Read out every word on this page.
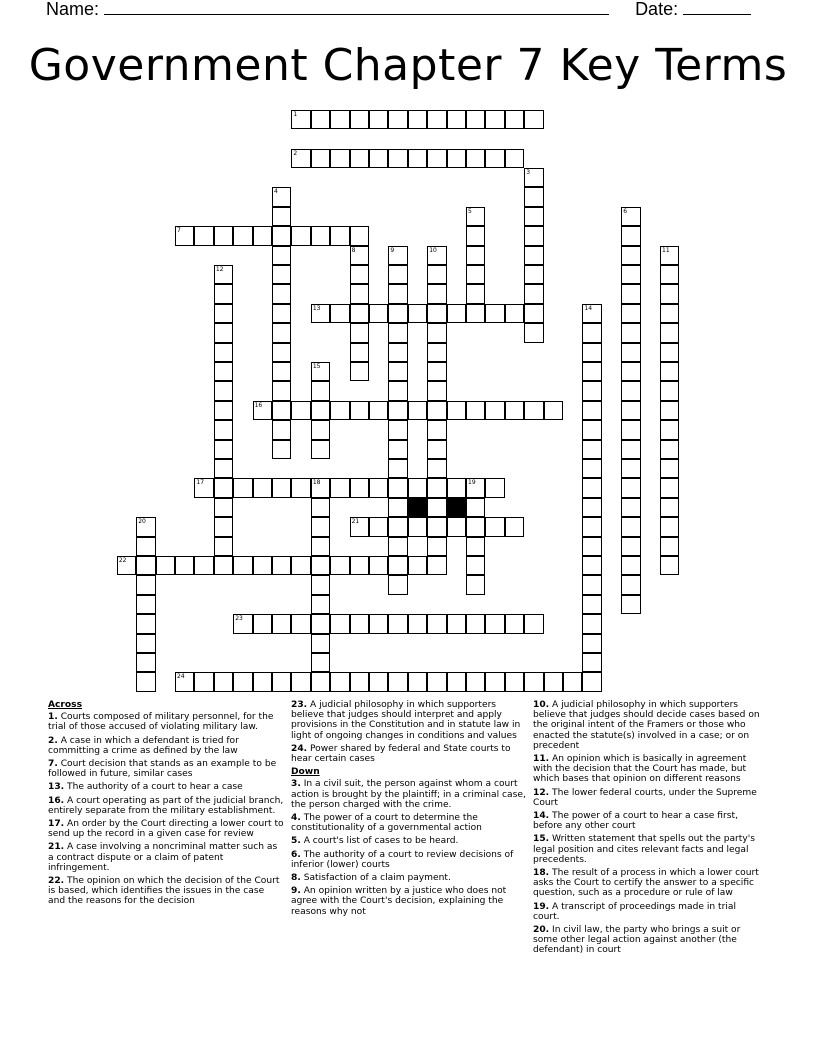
Name:	Date:
Government Chapter 7 Key Terms
1
2
7
13
16
17	18	19
21
22
23
24
3
4
5	6
8	9	10	11
12
14
15
20
Across
1. Courts composed of military personnel, for the trial of those accused of violating military law.
2. A case in which a defendant is tried for committing a crime as defined by the law
7. Court decision that stands as an example to be followed in future, similar cases
13. The authority of a court to hear a case
16. A court operating as part of the judicial branch, entirely separate from the military establishment.
17. An order by the Court directing a lower court to send up the record in a given case for review
21. A case involving a noncriminal matter such as a contract dispute or a claim of patent infringement.
22. The opinion on which the decision of the Court is based, which identifies the issues in the case and the reasons for the decision
23. A judicial philosophy in which supporters believe that judges should interpret and apply provisions in the Constitution and in statute law in light of ongoing changes in conditions and values
24. Power shared by federal and State courts to hear certain cases
Down
3. In a civil suit, the person against whom a court action is brought by the plaintiff; in a criminal case, the person charged with the crime.
4. The power of a court to determine the constitutionality of a governmental action
5. A court's list of cases to be heard.
6. The authority of a court to review decisions of inferior (lower) courts
8. Satisfaction of a claim payment.
9. An opinion written by a justice who does not agree with the Court's decision, explaining the reasons why not
10. A judicial philosophy in which supporters believe that judges should decide cases based on the original intent of the Framers or those who enacted the statute(s) involved in a case; or on precedent
11. An opinion which is basically in agreement with the decision that the Court has made, but which bases that opinion on different reasons
12. The lower federal courts, under the Supreme Court
14. The power of a court to hear a case first, before any other court
15. Written statement that spells out the party's legal position and cites relevant facts and legal precedents.
18. The result of a process in which a lower court asks the Court to certify the answer to a specific question, such as a procedure or rule of law
19. A transcript of proceedings made in trial court.
20. In civil law, the party who brings a suit or some other legal action against another (the defendant) in court
